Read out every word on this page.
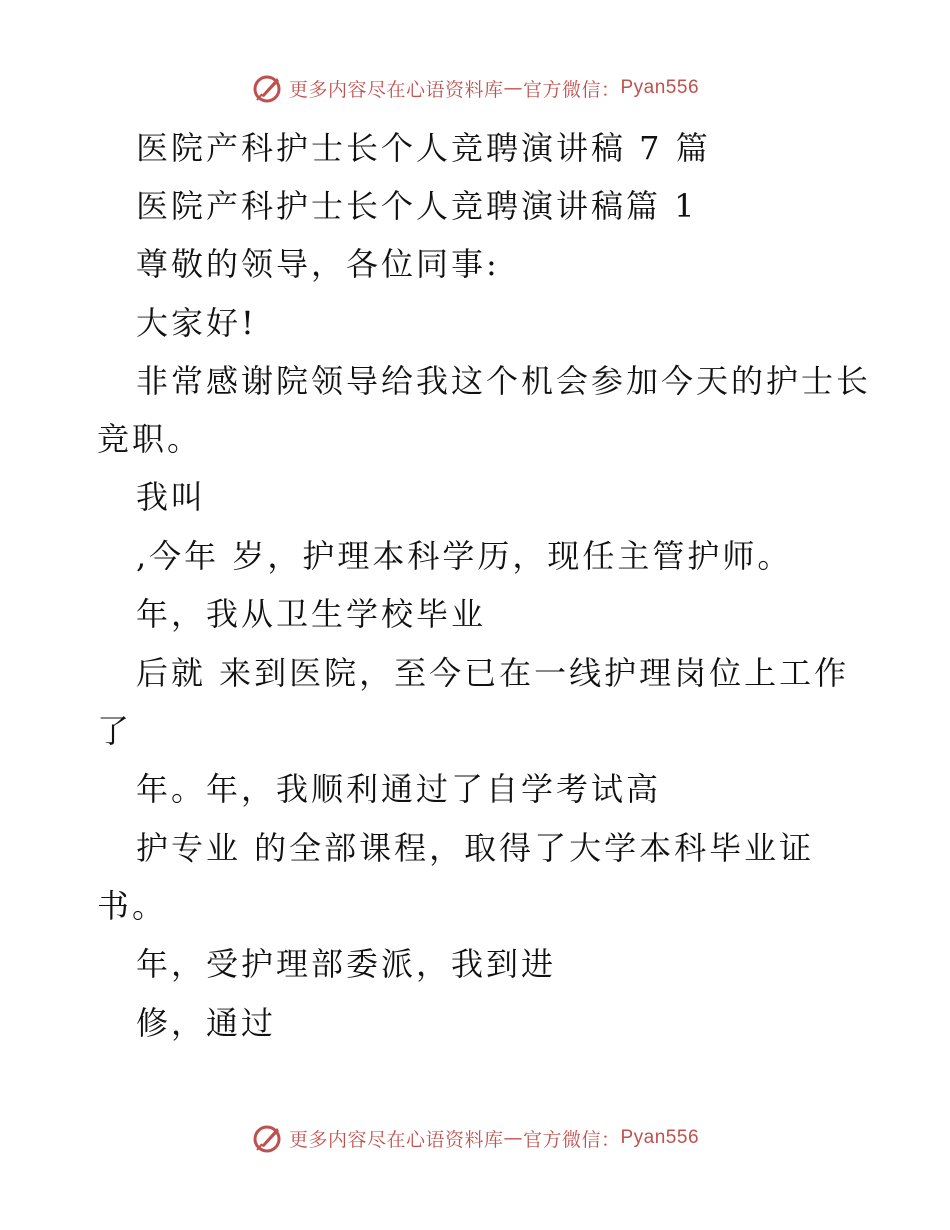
更多内容尽在心语资料库 — 官方微信： Pyan556
医院产科护士长个人竞聘演讲稿 7 篇
医院产科护士长个人竞聘演讲稿篇 1
尊敬的领导，各位同事:
大家好!
非常感谢院领导给我这个机会参加今天的护士长
竞职。
我叫
,今年 岁，护理本科学历，现任主管护师。
年，我从卫生学校毕业
后就 来到医院，至今已在一线护理岗位上工作
了
年。年，我顺利通过了自学考试高
护专业 的全部课程，取得了大学本科毕业证
书。
年，受护理部委派，我到进
修，通过
更多内容尽在心语资料库 — 官方微信： Pyan556
